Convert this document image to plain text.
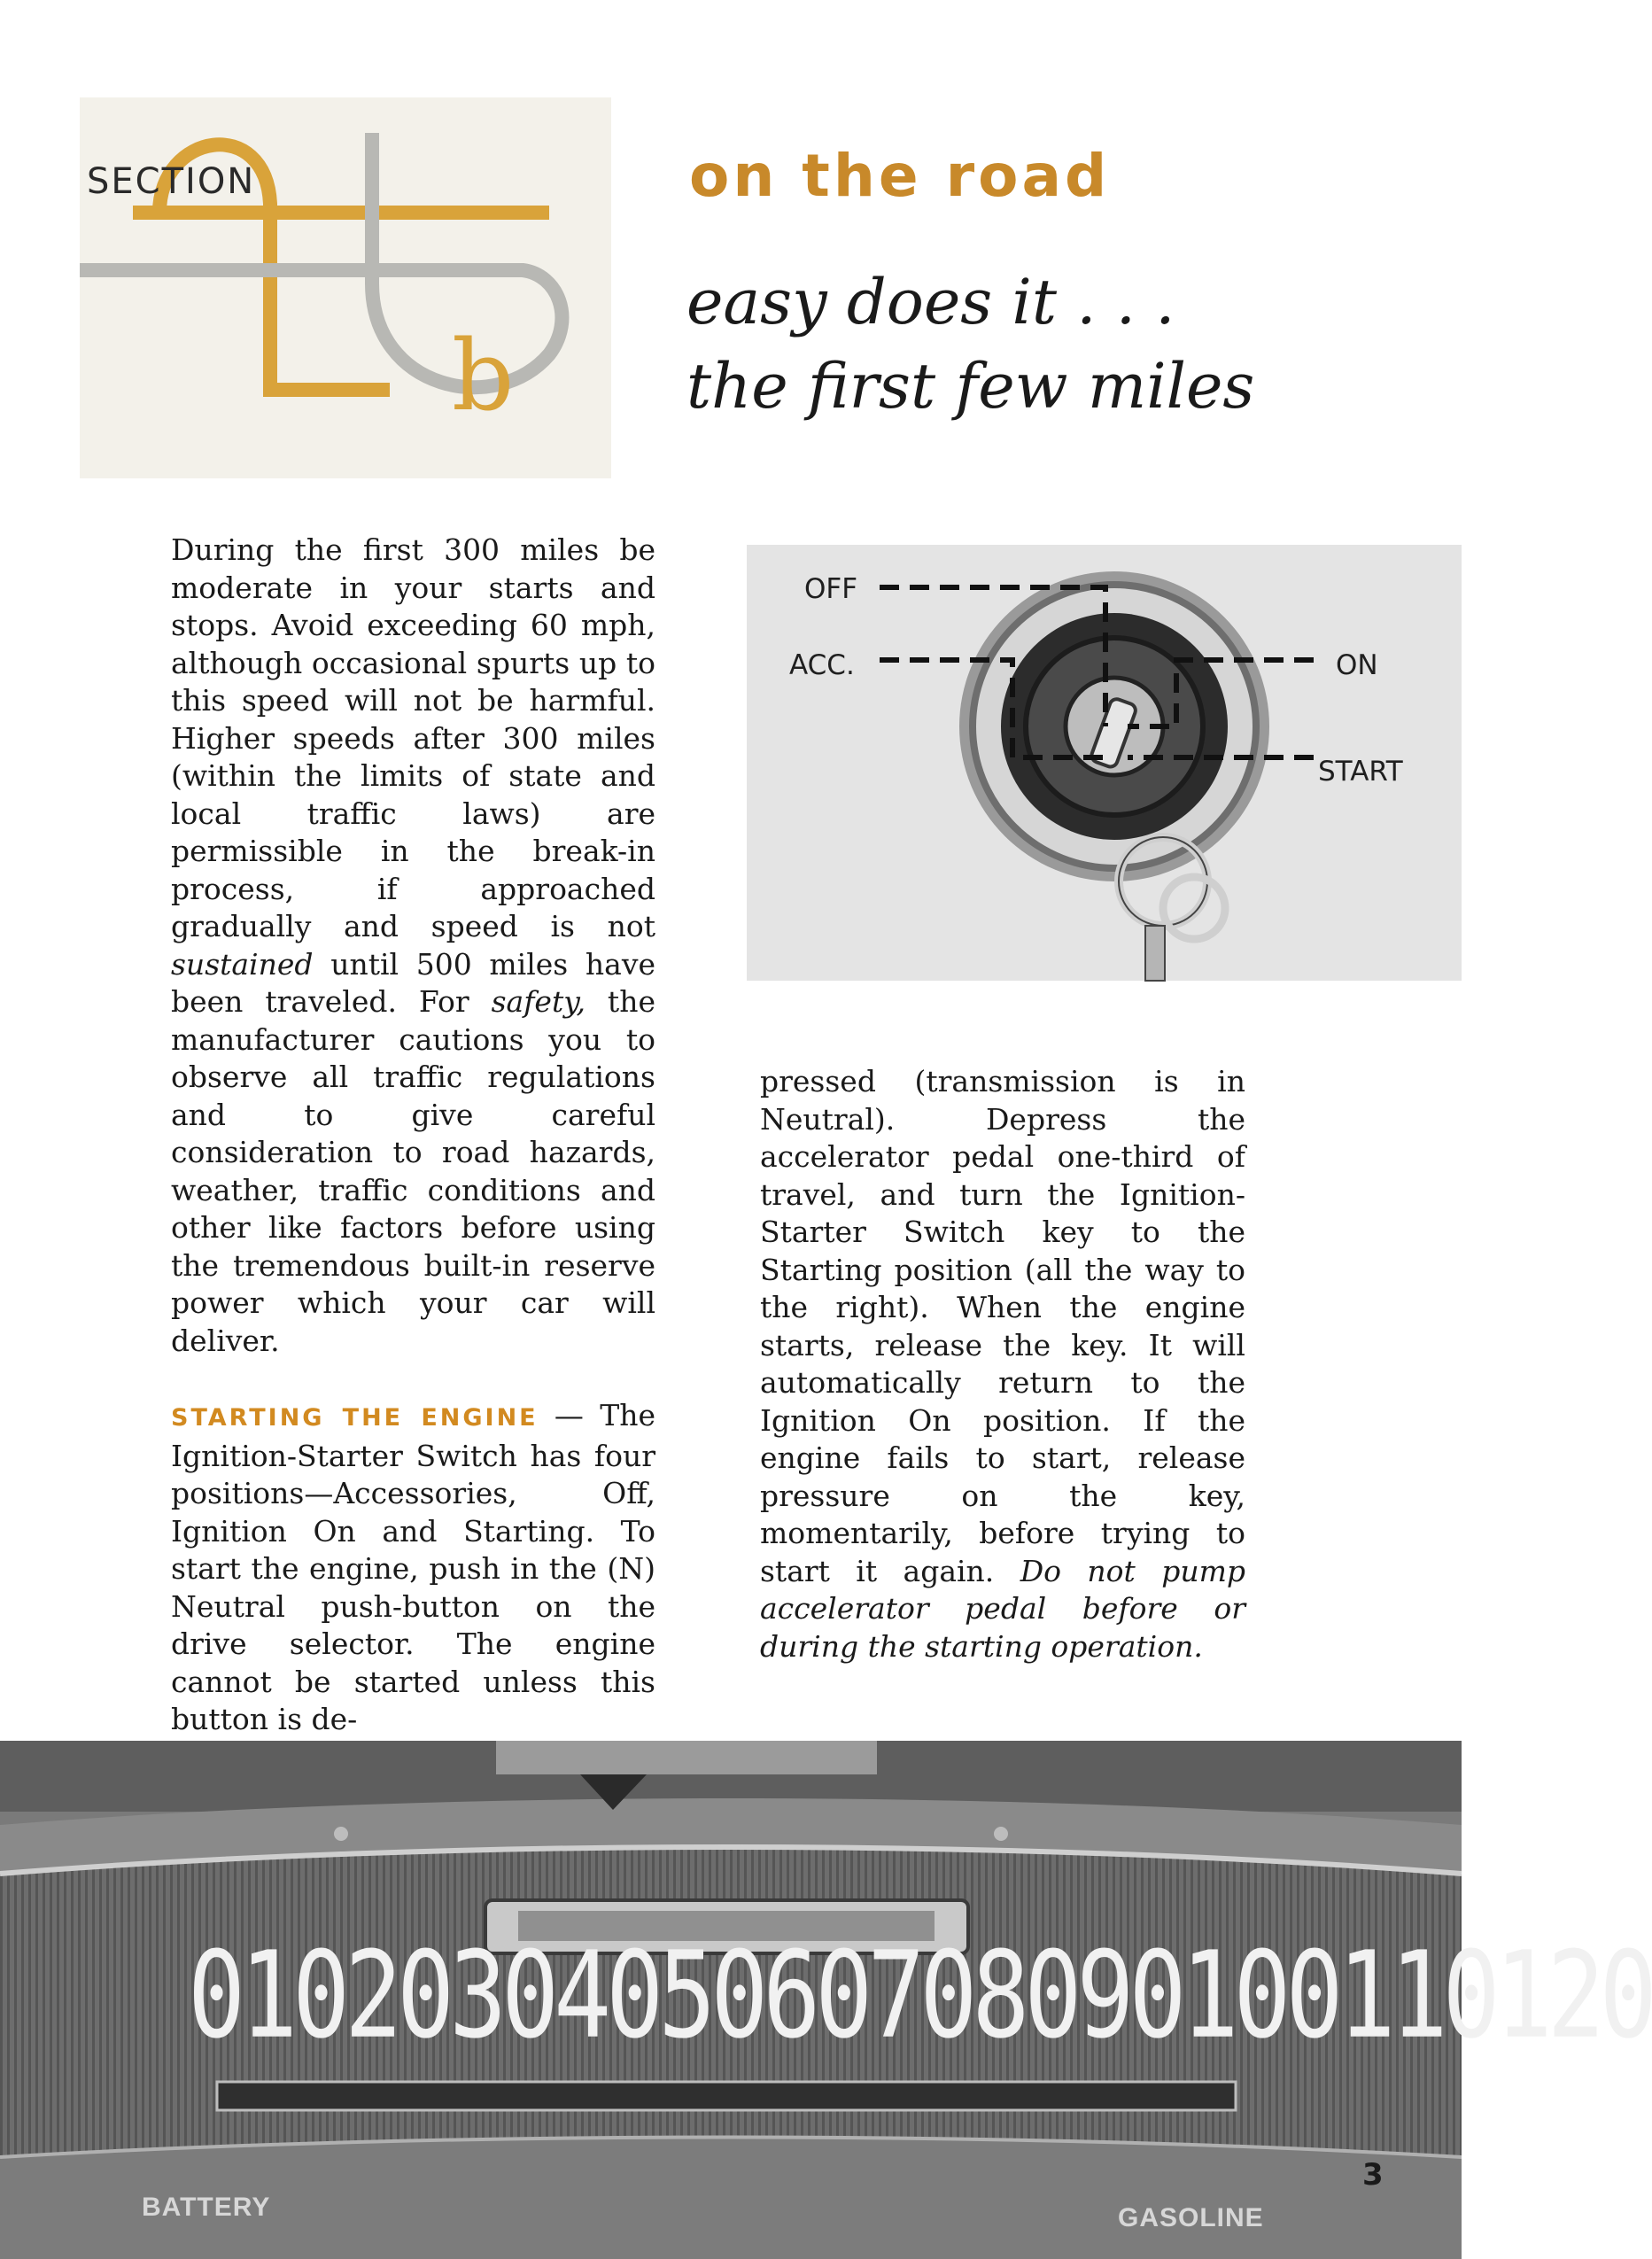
SECTION
b
on the road
easy does it . . .
the first few miles

During the first 300 miles be moderate in your starts and stops. Avoid exceeding 60 mph, although occasional spurts up to this speed will not be harmful. Higher speeds after 300 miles (within the limits of state and local traffic laws) are permissible in the break-in process, if approached gradually and speed is not sustained until 500 miles have been traveled. For safety, the manufacturer cautions you to observe all traffic regulations and to give careful consideration to road hazards, weather, traffic conditions and other like factors before using the tremendous built-in reserve power which your car will deliver.

STARTING THE ENGINE — The Ignition-Starter Switch has four positions—Accessories, Off, Ignition On and Starting. To start the engine, push in the (N) Neutral push-button on the drive selector. The engine cannot be started unless this button is de-

OFF
ACC.	ON
START

pressed (transmission is in Neutral). Depress the accelerator pedal one-third of travel, and turn the Ignition-Starter Switch key to the Starting position (all the way to the right). When the engine starts, release the key. It will automatically return to the Ignition On position. If the engine fails to start, release pressure on the key, momentarily, before trying to start it again. Do not pump accelerator pedal before or during the starting operation.

0 10 20 30 40 50 60 70 80 90 100 110 120
BATTERY	GASOLINE
3
